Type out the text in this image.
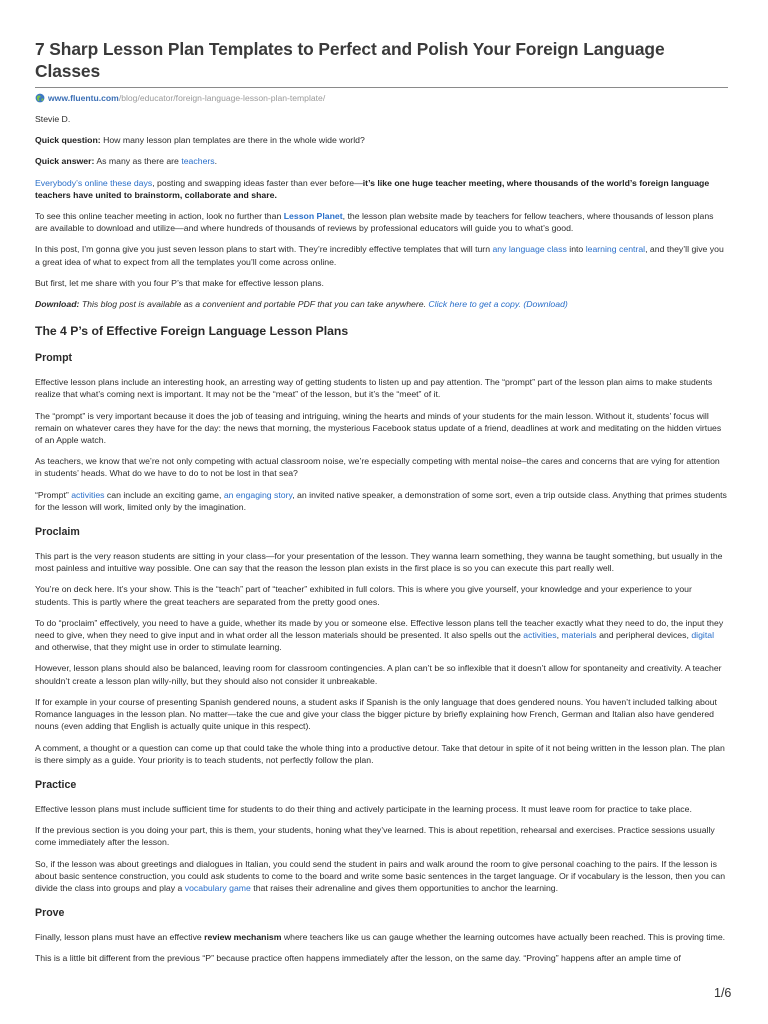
7 Sharp Lesson Plan Templates to Perfect and Polish Your Foreign Language Classes
www.fluentu.com /blog/educator/foreign-language-lesson-plan-template/

Stevie D.

Quick question: How many lesson plan templates are there in the whole wide world?

Quick answer: As many as there are teachers.

Everybody’s online these days, posting and swapping ideas faster than ever before—it’s like one huge teacher meeting, where thousands of the world’s foreign language teachers have united to brainstorm, collaborate and share.

To see this online teacher meeting in action, look no further than Lesson Planet, the lesson plan website made by teachers for fellow teachers, where thousands of lesson plans are available to download and utilize—and where hundreds of thousands of reviews by professional educators will guide you to what’s good.

In this post, I’m gonna give you just seven lesson plans to start with. They’re incredibly effective templates that will turn any language class into learning central, and they’ll give you a great idea of what to expect from all the templates you’ll come across online.

But first, let me share with you four P’s that make for effective lesson plans.

Download: This blog post is available as a convenient and portable PDF that you can take anywhere. Click here to get a copy. (Download)

The 4 P’s of Effective Foreign Language Lesson Plans
Prompt

Effective lesson plans include an interesting hook, an arresting way of getting students to listen up and pay attention. The “prompt” part of the lesson plan aims to make students realize that what’s coming next is important. It may not be the “meat” of the lesson, but it’s the “meet” of it.

The “prompt” is very important because it does the job of teasing and intriguing, wining the hearts and minds of your students for the main lesson. Without it, students’ focus will remain on whatever cares they have for the day: the news that morning, the mysterious Facebook status update of a friend, deadlines at work and meditating on the hidden virtues of an Apple watch.

As teachers, we know that we’re not only competing with actual classroom noise, we’re especially competing with mental noise–the cares and concerns that are vying for attention in students’ heads. What do we have to do to not be lost in that sea?

“Prompt” activities can include an exciting game, an engaging story, an invited native speaker, a demonstration of some sort, even a trip outside class. Anything that primes students for the lesson will work, limited only by the imagination.

Proclaim

This part is the very reason students are sitting in your class—for your presentation of the lesson. They wanna learn something, they wanna be taught something, but usually in the most painless and intuitive way possible. One can say that the reason the lesson plan exists in the first place is so you can execute this part really well.

You’re on deck here. It’s your show. This is the “teach” part of “teacher” exhibited in full colors. This is where you give yourself, your knowledge and your experience to your students. This is partly where the great teachers are separated from the pretty good ones.

To do “proclaim” effectively, you need to have a guide, whether its made by you or someone else. Effective lesson plans tell the teacher exactly what they need to do, the input they need to give, when they need to give input and in what order all the lesson materials should be presented. It also spells out the activities, materials and peripheral devices, digital and otherwise, that they might use in order to stimulate learning.

However, lesson plans should also be balanced, leaving room for classroom contingencies. A plan can’t be so inflexible that it doesn’t allow for spontaneity and creativity. A teacher shouldn’t create a lesson plan willy-nilly, but they should also not consider it unbreakable.

If for example in your course of presenting Spanish gendered nouns, a student asks if Spanish is the only language that does gendered nouns. You haven’t included talking about Romance languages in the lesson plan. No matter—take the cue and give your class the bigger picture by briefly explaining how French, German and Italian also have gendered nouns (even adding that English is actually quite unique in this respect).

A comment, a thought or a question can come up that could take the whole thing into a productive detour. Take that detour in spite of it not being written in the lesson plan. The plan is there simply as a guide. Your priority is to teach students, not perfectly follow the plan.

Practice

Effective lesson plans must include sufficient time for students to do their thing and actively participate in the learning process. It must leave room for practice to take place.

If the previous section is you doing your part, this is them, your students, honing what they’ve learned. This is about repetition, rehearsal and exercises. Practice sessions usually come immediately after the lesson.

So, if the lesson was about greetings and dialogues in Italian, you could send the student in pairs and walk around the room to give personal coaching to the pairs. If the lesson is about basic sentence construction, you could ask students to come to the board and write some basic sentences in the target language. Or if vocabulary is the lesson, then you can divide the class into groups and play a vocabulary game that raises their adrenaline and gives them opportunities to anchor the learning.

Prove

Finally, lesson plans must have an effective review mechanism where teachers like us can gauge whether the learning outcomes have actually been reached. This is proving time.

This is a little bit different from the previous “P” because practice often happens immediately after the lesson, on the same day. “Proving” happens after an ample time of

1/6
